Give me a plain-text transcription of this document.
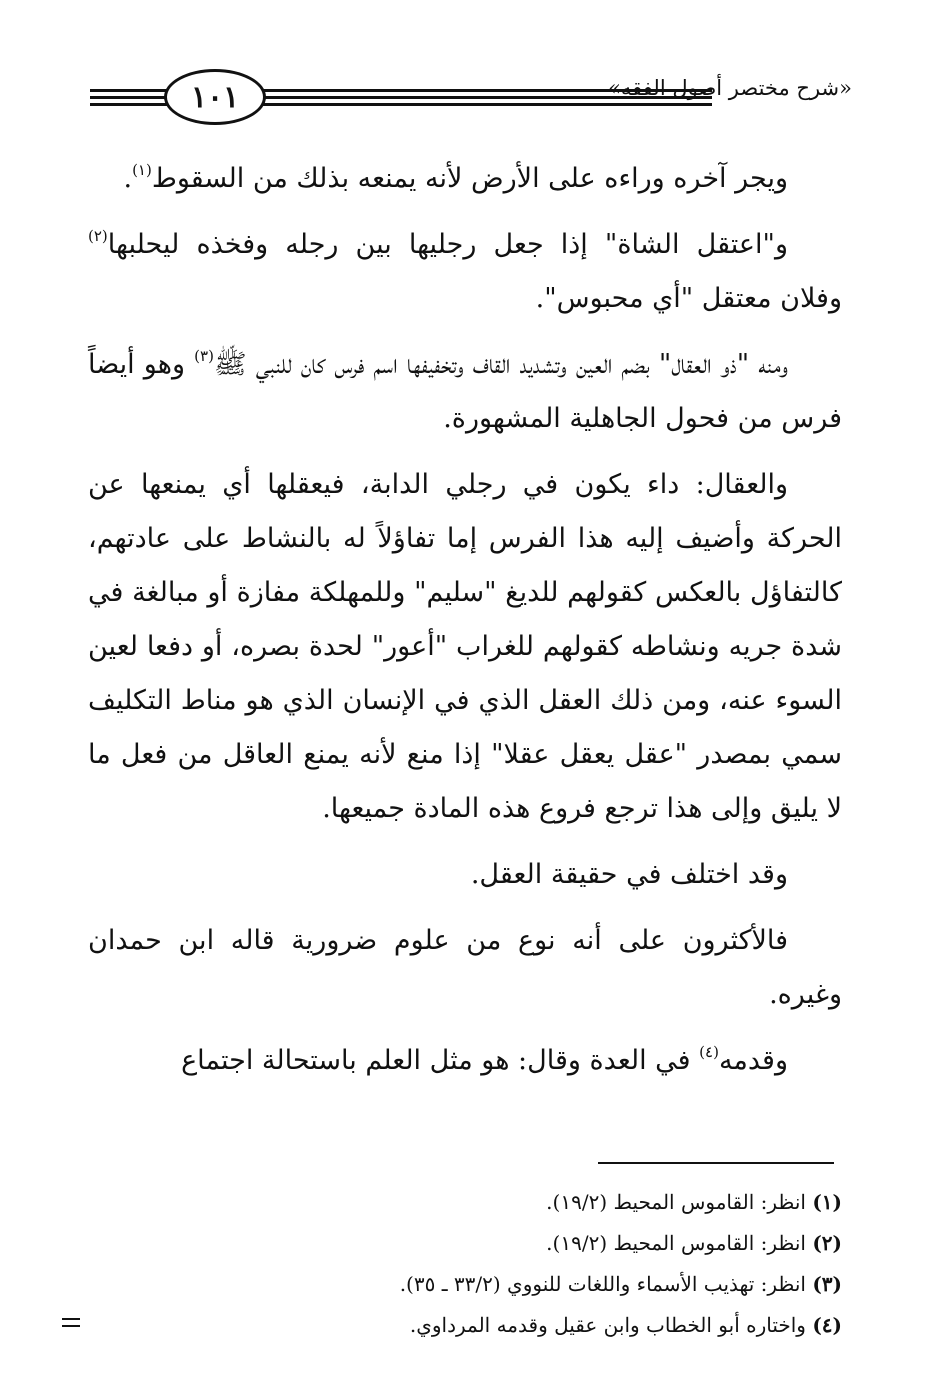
١٠١	«شرح مختصر أصول الفقه»

ويجر آخره وراءه على الأرض لأنه يمنعه بذلك من السقوط$^{(١)}$.

و"اعتقل الشاة" إذا جعل رجليها بين رجله وفخذه ليحلبها$^{(٢)}$ وفلان معتقل "أي محبوس".

ومنه "ذو العقال" بضم العين وتشديد القاف وتخفيفها اسم فرس كان للنبي ﷺ$^{(٣)}$ وهو أيضاً فرس من فحول الجاهلية المشهورة.

والعقال: داء يكون في رجلي الدابة، فيعقلها أي يمنعها عن الحركة وأضيف إليه هذا الفرس إما تفاؤلاً له بالنشاط على عادتهم، كالتفاؤل بالعكس كقولهم للديغ "سليم" وللمهلكة مفازة أو مبالغة في شدة جريه ونشاطه كقولهم للغراب "أعور" لحدة بصره، أو دفعا لعين السوء عنه، ومن ذلك العقل الذي في الإنسان الذي هو مناط التكليف سمي بمصدر "عقل يعقل عقلا" إذا منع لأنه يمنع العاقل من فعل ما لا يليق وإلى هذا ترجع فروع هذه المادة جميعها.

وقد اختلف في حقيقة العقل.

فالأكثرون على أنه نوع من علوم ضرورية قاله ابن حمدان وغيره.

وقدمه$^{(٤)}$ في العدة وقال: هو مثل العلم باستحالة اجتماع

(١) انظر: القاموس المحيط (١٩/٢).
(٢) انظر: القاموس المحيط (١٩/٢).
(٣) انظر: تهذيب الأسماء واللغات للنووي (٣٣/٢ ـ ٣٥).
(٤) واختاره أبو الخطاب وابن عقيل وقدمه المرداوي.
